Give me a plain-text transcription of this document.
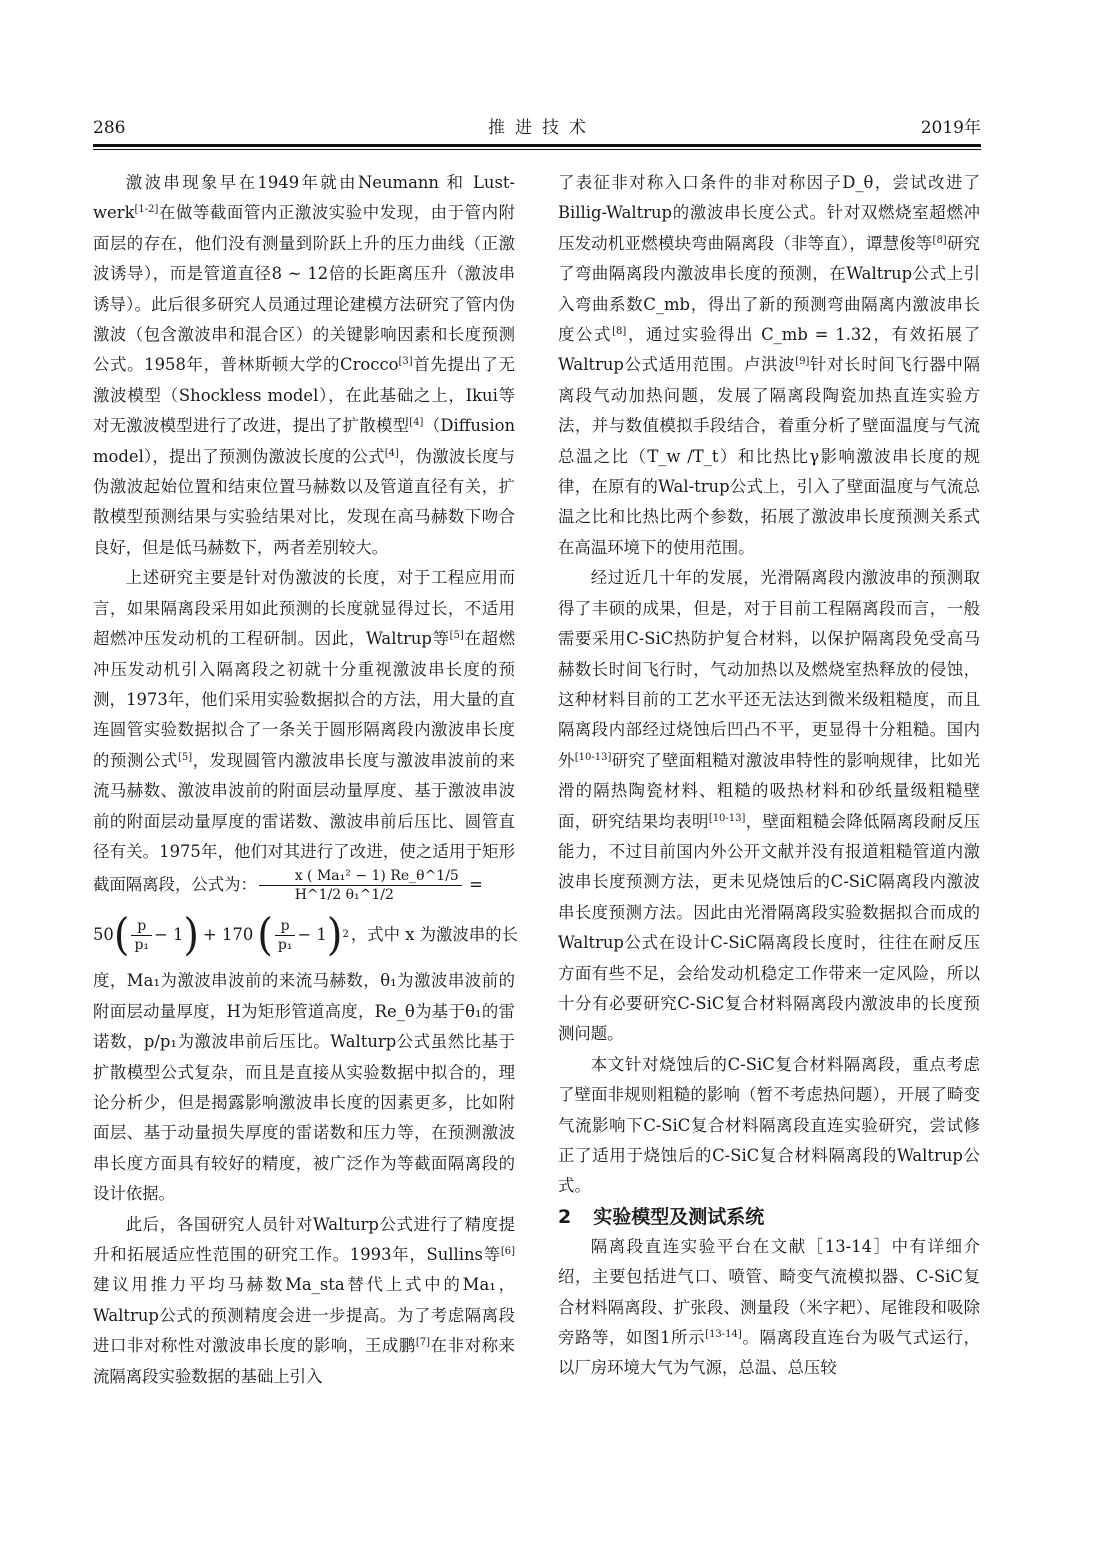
286	推进技术	2019年

激波串现象早在1949年就由Neumann 和 Lust-werk[1-2]在做等截面管内正激波实验中发现，由于管内附面层的存在，他们没有测量到阶跃上升的压力曲线（正激波诱导），而是管道直径8 ~ 12倍的长距离压升（激波串诱导）。此后很多研究人员通过理论建模方法研究了管内伪激波（包含激波串和混合区）的关键影响因素和长度预测公式。1958年，普林斯顿大学的Crocco[3]首先提出了无激波模型（Shockless model），在此基础之上，Ikui等对无激波模型进行了改进，提出了扩散模型[4]（Diffusion model），提出了预测伪激波长度的公式[4]，伪激波长度与伪激波起始位置和结束位置马赫数以及管道直径有关，扩散模型预测结果与实验结果对比，发现在高马赫数下吻合良好，但是低马赫数下，两者差别较大。

上述研究主要是针对伪激波的长度，对于工程应用而言，如果隔离段采用如此预测的长度就显得过长，不适用超燃冲压发动机的工程研制。因此，Waltrup等[5]在超燃冲压发动机引入隔离段之初就十分重视激波串长度的预测，1973年，他们采用实验数据拟合的方法，用大量的直连圆管实验数据拟合了一条关于圆形隔离段内激波串长度的预测公式[5]，发现圆管内激波串长度与激波串波前的来流马赫数、激波串波前的附面层动量厚度、基于激波串波前的附面层动量厚度的雷诺数、激波串前后压比、圆管直径有关。1975年，他们对其进行了改进，使之适用于矩形截面隔离段，公式为： $\frac{\text{x ( Ma₁² − 1) Re\_θ\textasciicircum{}1/5}}{\text{H\textasciicircum{}1/2 θ₁\textasciicircum{}1/2}}$ =

50 ( $\frac{p}{\text{p₁}} - 1$ ) + 170 ( $\frac{p}{\text{p₁}} - 1$ ) 2 ，式中 x 为激波串的长

度，Ma₁为激波串波前的来流马赫数，θ₁为激波串波前的附面层动量厚度，H为矩形管道高度，Re_θ为基于θ₁的雷诺数，p/p₁为激波串前后压比。Walturp公式虽然比基于扩散模型公式复杂，而且是直接从实验数据中拟合的，理论分析少，但是揭露影响激波串长度的因素更多，比如附面层、基于动量损失厚度的雷诺数和压力等，在预测激波串长度方面具有较好的精度，被广泛作为等截面隔离段的设计依据。

此后，各国研究人员针对Walturp公式进行了精度提升和拓展适应性范围的研究工作。1993年，Sullins等[6]建议用推力平均马赫数Ma_sta替代上式中的Ma₁，Waltrup公式的预测精度会进一步提高。为了考虑隔离段进口非对称性对激波串长度的影响，王成鹏[7]在非对称来流隔离段实验数据的基础上引入

了表征非对称入口条件的非对称因子D_θ，尝试改进了Billig-Waltrup的激波串长度公式。针对双燃烧室超燃冲压发动机亚燃模块弯曲隔离段（非等直），谭慧俊等[8]研究了弯曲隔离段内激波串长度的预测，在Waltrup公式上引入弯曲系数C_mb，得出了新的预测弯曲隔离内激波串长度公式[8]，通过实验得出 C_mb = 1.32，有效拓展了Waltrup公式适用范围。卢洪波[9]针对长时间飞行器中隔离段气动加热问题，发展了隔离段陶瓷加热直连实验方法，并与数值模拟手段结合，着重分析了壁面温度与气流总温之比（T_w /T_t）和比热比γ影响激波串长度的规律，在原有的Wal-trup公式上，引入了壁面温度与气流总温之比和比热比两个参数，拓展了激波串长度预测关系式在高温环境下的使用范围。

经过近几十年的发展，光滑隔离段内激波串的预测取得了丰硕的成果，但是，对于目前工程隔离段而言，一般需要采用C-SiC热防护复合材料，以保护隔离段免受高马赫数长时间飞行时，气动加热以及燃烧室热释放的侵蚀，这种材料目前的工艺水平还无法达到微米级粗糙度，而且隔离段内部经过烧蚀后凹凸不平，更显得十分粗糙。国内外[10-13]研究了壁面粗糙对激波串特性的影响规律，比如光滑的隔热陶瓷材料、粗糙的吸热材料和砂纸量级粗糙壁面，研究结果均表明[10-13]，壁面粗糙会降低隔离段耐反压能力，不过目前国内外公开文献并没有报道粗糙管道内激波串长度预测方法，更未见烧蚀后的C-SiC隔离段内激波串长度预测方法。因此由光滑隔离段实验数据拟合而成的Waltrup公式在设计C-SiC隔离段长度时，往往在耐反压方面有些不足，会给发动机稳定工作带来一定风险，所以十分有必要研究C-SiC复合材料隔离段内激波串的长度预测问题。

本文针对烧蚀后的C-SiC复合材料隔离段，重点考虑了壁面非规则粗糙的影响（暂不考虑热问题），开展了畸变气流影响下C-SiC复合材料隔离段直连实验研究，尝试修正了适用于烧蚀后的C-SiC复合材料隔离段的Waltrup公式。

2 实验模型及测试系统

隔离段直连实验平台在文献［13-14］中有详细介绍，主要包括进气口、喷管、畸变气流模拟器、C-SiC复合材料隔离段、扩张段、测量段（米字耙）、尾锥段和吸除旁路等，如图1所示[13-14]。隔离段直连台为吸气式运行，以厂房环境大气为气源，总温、总压较
